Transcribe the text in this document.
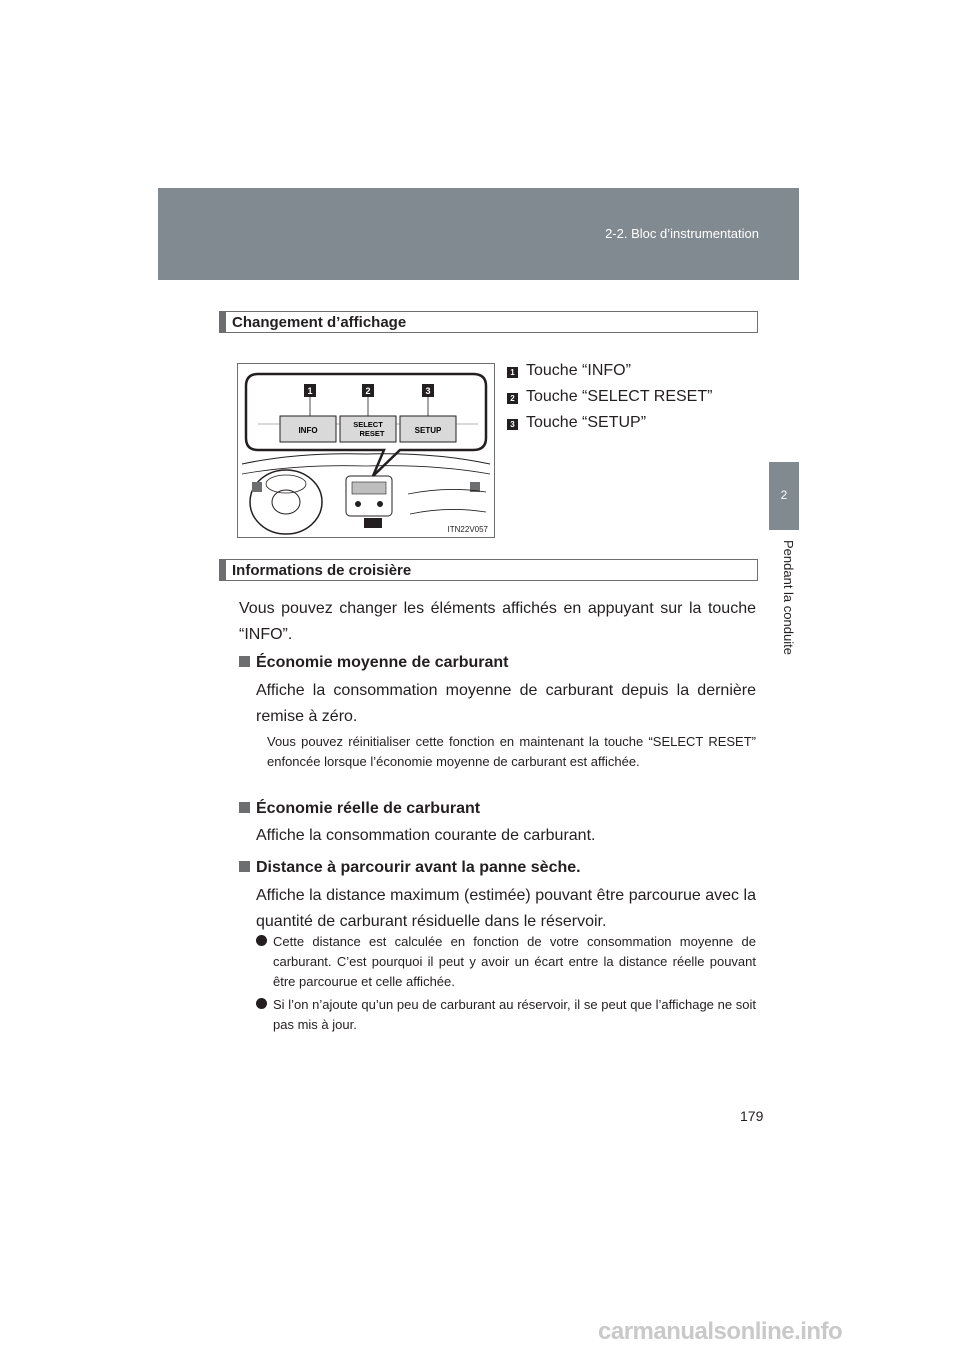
2-2. Bloc d’instrumentation
2
Pendant la conduite
Changement d’affichage
INFO
SELECT
RESET	SETUP
1	2	3
ITN22V057
1 Touche “INFO”
2 Touche “SELECT RESET”
3 Touche “SETUP”
Informations de croisière
Vous pouvez changer les éléments affichés en appuyant sur la touche “INFO”.
Économie moyenne de carburant
Affiche la consommation moyenne de carburant depuis la dernière remise à zéro.
Vous pouvez réinitialiser cette fonction en maintenant la touche “SELECT RESET” enfoncée lorsque l’économie moyenne de carburant est affichée.
Économie réelle de carburant
Affiche la consommation courante de carburant.
Distance à parcourir avant la panne sèche.
Affiche la distance maximum (estimée) pouvant être parcourue avec la quantité de carburant résiduelle dans le réservoir.
Cette distance est calculée en fonction de votre consommation moyenne de carburant. C’est pourquoi il peut y avoir un écart entre la distance réelle pouvant être parcourue et celle affichée.
Si l’on n’ajoute qu’un peu de carburant au réservoir, il se peut que l’affichage ne soit pas mis à jour.
179
carmanualsonline.info
